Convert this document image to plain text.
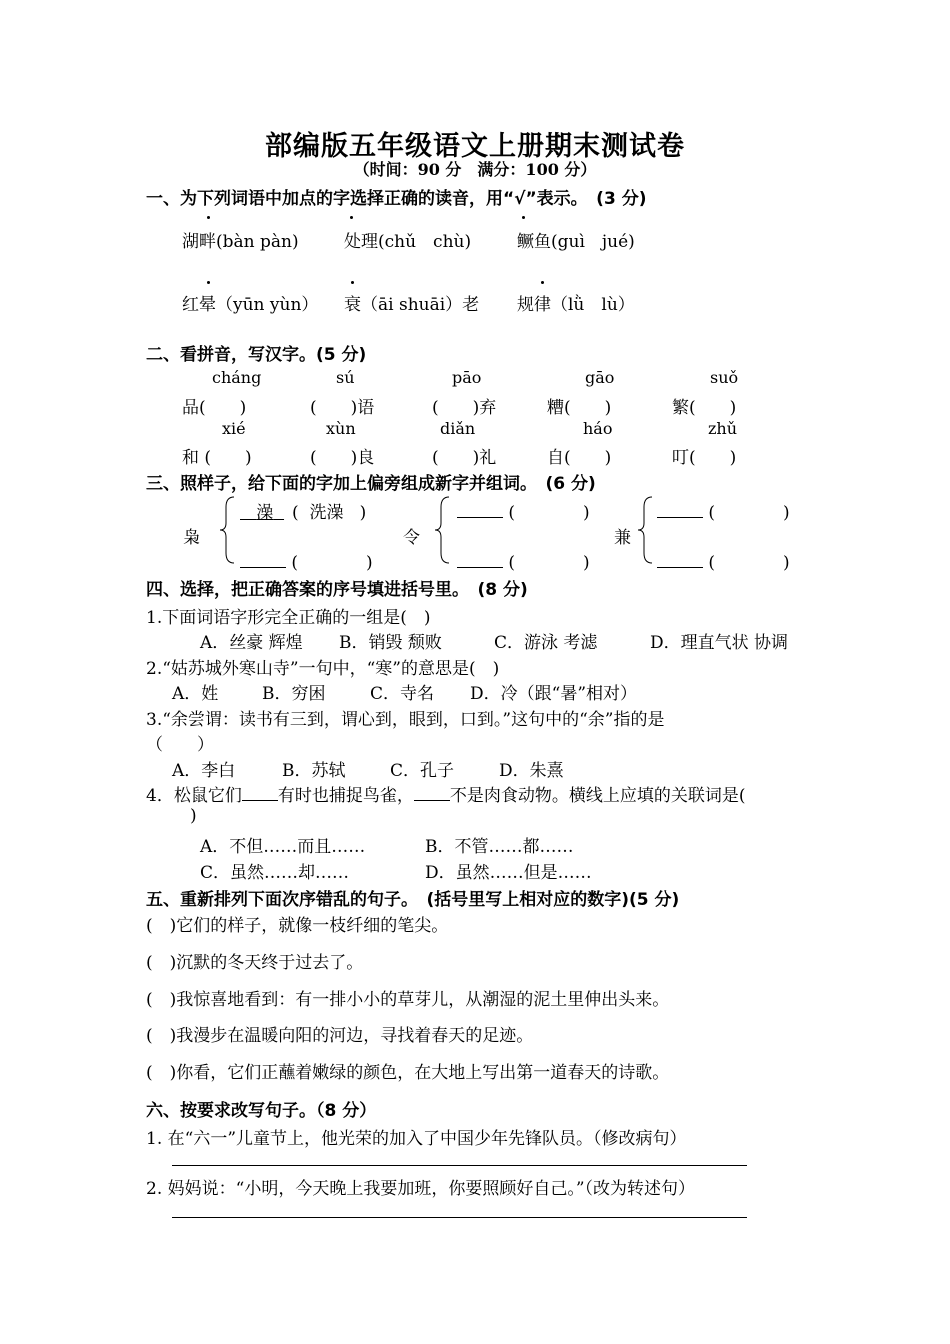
部编版五年级语文上册期末测试卷
（时间：90 分　满分：100 分）
一、为下列词语中加点的字选择正确的读音，用“√”表示。　(3 分)
湖畔(bàn pàn)	处理(chǔ　chù)	鳜鱼(guì　jué)
红晕（yūn yùn） 衰（āi shuāi）老 规律（lǜ　lù）
二、看拼音，写汉字。(5 分)
cháng	sú	pāo	gāo	suǒ
品(　　)	(　　)语	(　　)弃	糟(　　)	繁(　　)
xié	xùn	diǎn	háo	zhǔ
和 (　　)	(　　)良	(　　)礼	自(　　)	叮(　　)
三、照样子，给下面的字加上偏旁组成新字并组词。　(6 分)
枭
澡	(  洗澡   )
(　　　　)
令
(　　　　)
(　　　　)
兼
(　　　　)
(　　　　)
四、选择，把正确答案的序号填进括号里。　(8 分)
1.下面词语字形完全正确的一组是(　)
A．丝豪 辉煌 B．销毁 颓败	C．游泳 考滤	D．理直气状 协调
2.“姑苏城外寒山寺”一句中，“寒”的意思是(　)
A．姓	B．穷困	C．寺名 D．冷（跟“暑”相对）
3.“余尝谓：读书有三到，谓心到，眼到，口到。”这句中的“余”指的是
（　　）
A．李白	B．苏轼	C．孔子	D．朱熹
4．松鼠它们 有时也捕捉鸟雀， 不是肉食动物。横线上应填的关联词是(
)
A．不但……而且……	B．不管……都……
C．虽然……却……	D．虽然……但是……
五、重新排列下面次序错乱的句子。　(括号里写上相对应的数字)(5 分)
(　)它们的样子，就像一枝纤细的笔尖。
(　)沉默的冬天终于过去了。
(　)我惊喜地看到：有一排小小的草芽儿，从潮湿的泥土里伸出头来。
(　)我漫步在温暖向阳的河边，寻找着春天的足迹。
(　)你看，它们正蘸着嫩绿的颜色，在大地上写出第一道春天的诗歌。
六、按要求改写句子。（8 分）
1. 在“六一”儿童节上，他光荣的加入了中国少年先锋队员。（修改病句）
2. 妈妈说：“小明，今天晚上我要加班，你要照顾好自己。”（改为转述句）
